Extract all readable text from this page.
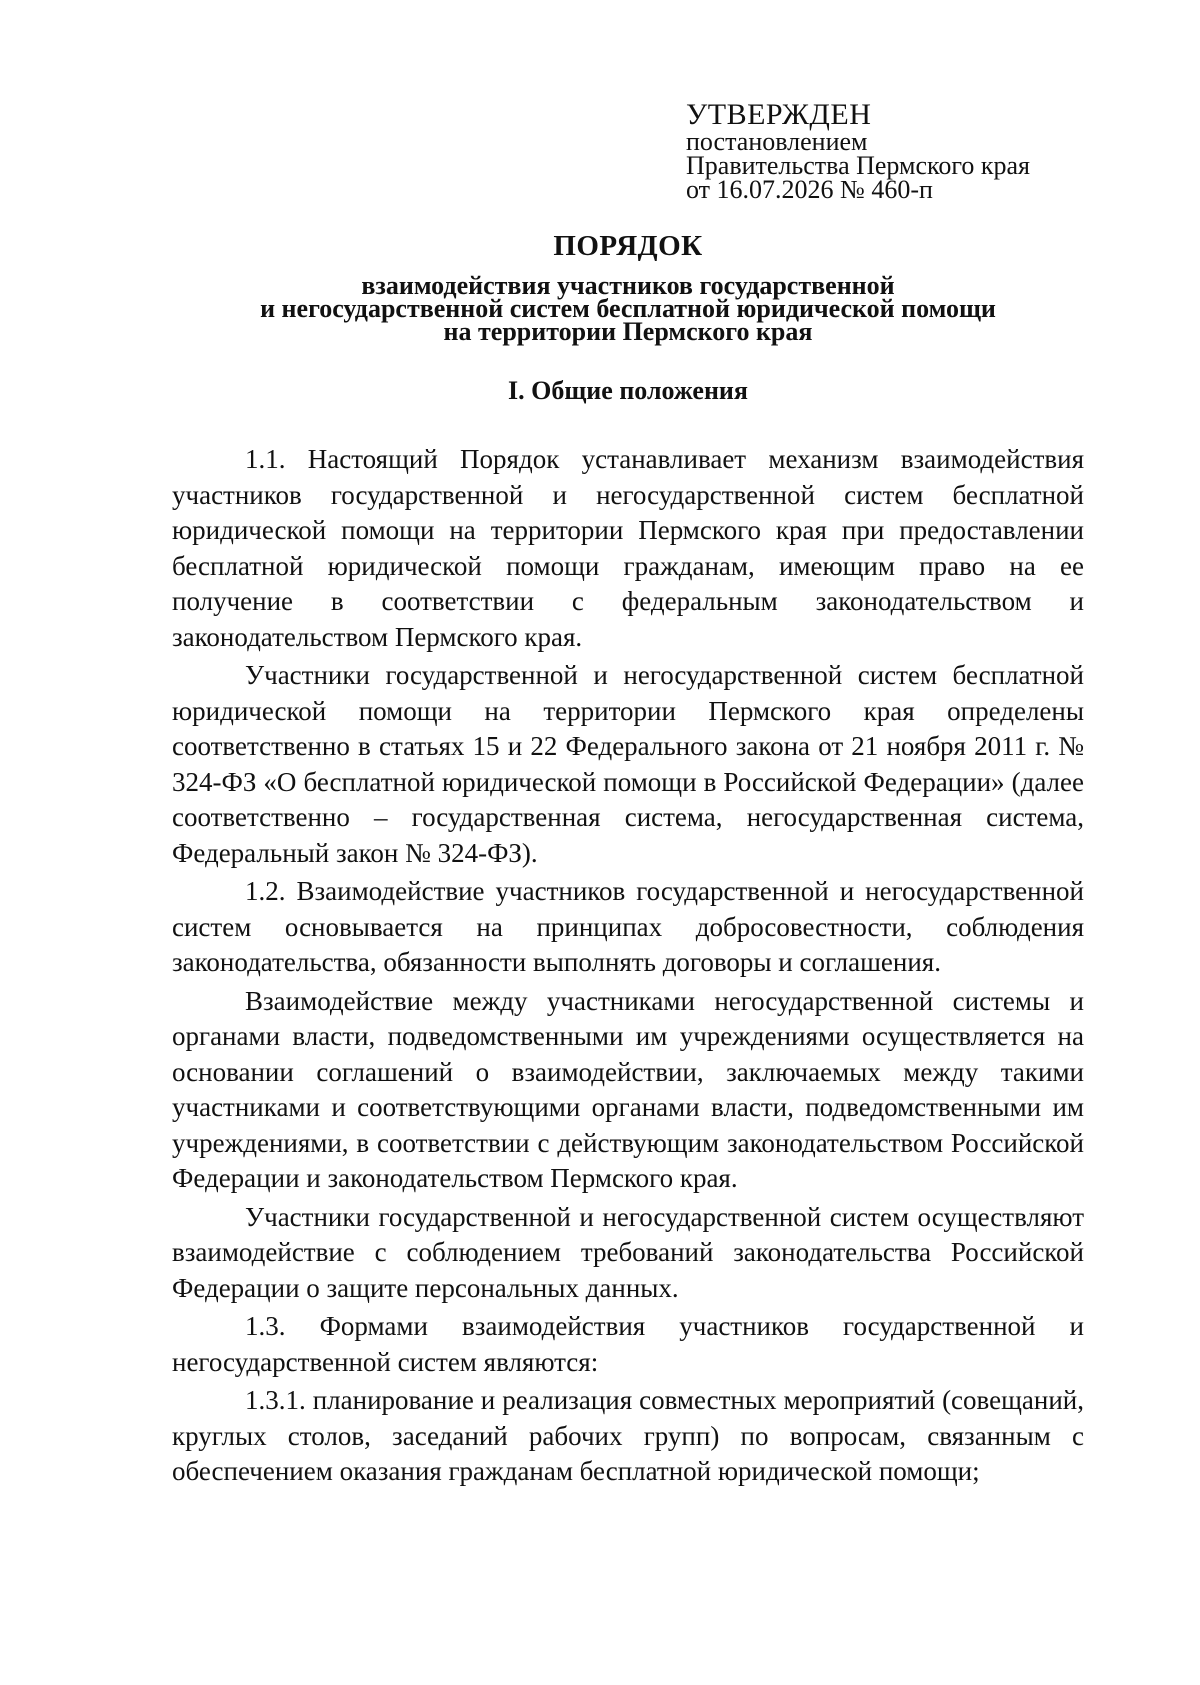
УТВЕРЖДЕН
постановлением
Правительства Пермского края
от 16.07.2026 № 460-п
ПОРЯДОК
взаимодействия участников государственной
и негосударственной систем бесплатной юридической помощи
на территории Пермского края
I. Общие положения

1.1. Настоящий Порядок устанавливает механизм взаимодействия участников государственной и негосударственной систем бесплатной юридической помощи на территории Пермского края при предоставлении бесплатной юридической помощи гражданам, имеющим право на ее получение в соответствии с федеральным законодательством и законодательством Пермского края.

Участники государственной и негосударственной систем бесплатной юридической помощи на территории Пермского края определены соответственно в статьях 15 и 22 Федерального закона от 21 ноября 2011 г. № 324-ФЗ «О бесплатной юридической помощи в Российской Федерации» (далее соответственно – государственная система, негосударственная система, Федеральный закон № 324-ФЗ).

1.2. Взаимодействие участников государственной и негосударственной систем основывается на принципах добросовестности, соблюдения законодательства, обязанности выполнять договоры и соглашения.

Взаимодействие между участниками негосударственной системы и органами власти, подведомственными им учреждениями осуществляется на основании соглашений о взаимодействии, заключаемых между такими участниками и соответствующими органами власти, подведомственными им учреждениями, в соответствии с действующим законодательством Российской Федерации и законодательством Пермского края.

Участники государственной и негосударственной систем осуществляют взаимодействие с соблюдением требований законодательства Российской Федерации о защите персональных данных.

1.3. Формами взаимодействия участников государственной и негосударственной систем являются:

1.3.1. планирование и реализация совместных мероприятий (совещаний, круглых столов, заседаний рабочих групп) по вопросам, связанным с обеспечением оказания гражданам бесплатной юридической помощи;
